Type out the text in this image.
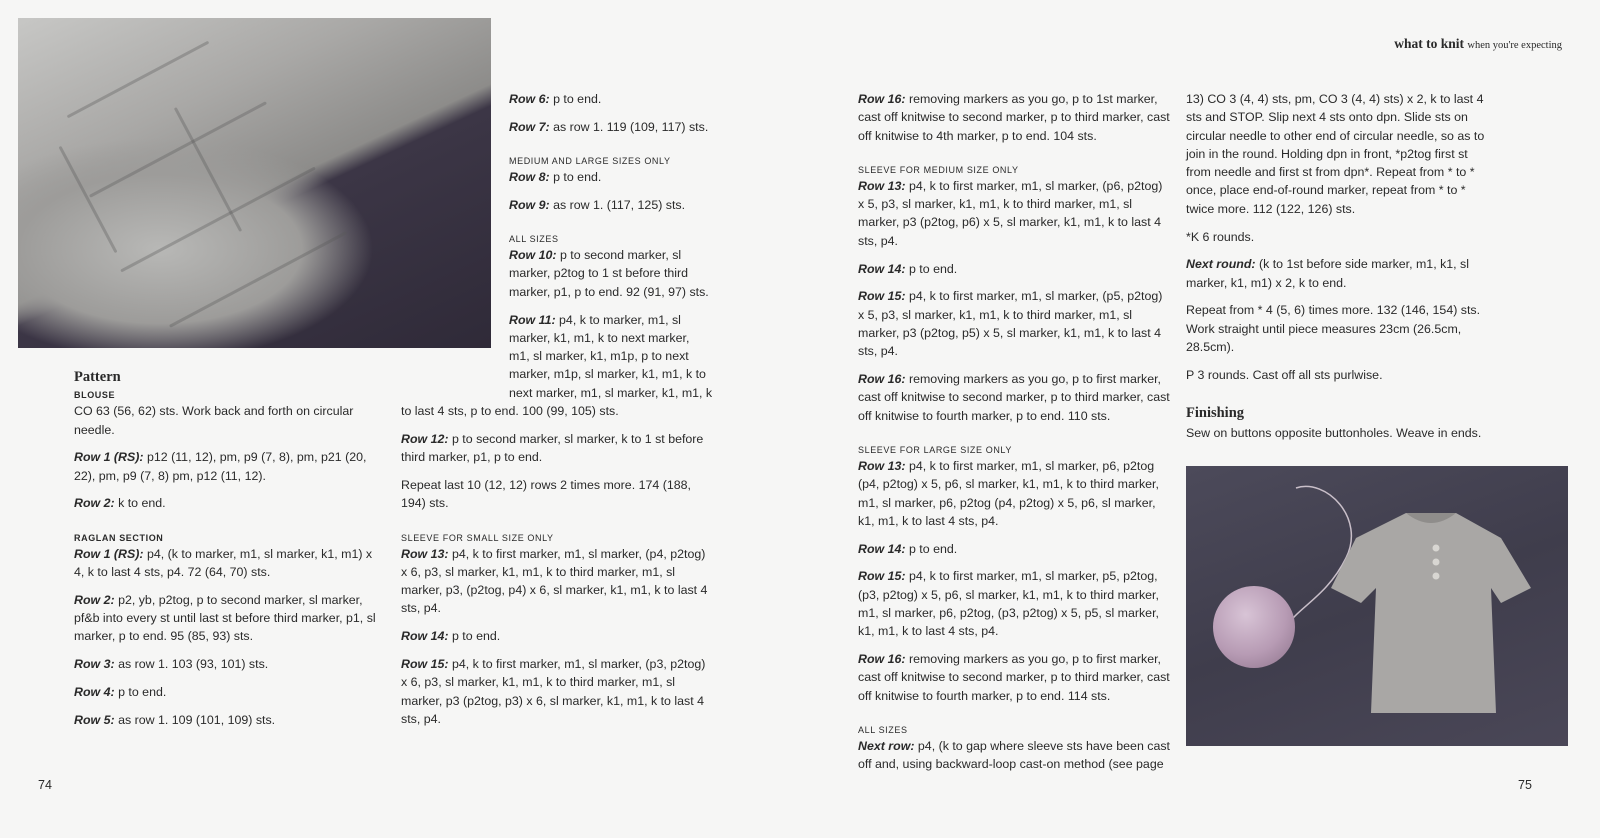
what to knit when you're expecting
Pattern
BLOUSE

CO 63 (56, 62) sts. Work back and forth on circular needle.

Row 1 (RS): p12 (11, 12), pm, p9 (7, 8), pm, p21 (20, 22), pm, p9 (7, 8) pm, p12 (11, 12).

Row 2: k to end.

RAGLAN SECTION

Row 1 (RS): p4, (k to marker, m1, sl marker, k1, m1) x 4, k to last 4 sts, p4. 72 (64, 70) sts.

Row 2: p2, yb, p2tog, p to second marker, sl marker, pf&b into every st until last st before third marker, p1, sl marker, p to end. 95 (85, 93) sts.

Row 3: as row 1. 103 (93, 101) sts.

Row 4: p to end.

Row 5: as row 1. 109 (101, 109) sts.

Row 6: p to end.

Row 7: as row 1. 119 (109, 117) sts.

MEDIUM AND LARGE SIZES ONLY

Row 8: p to end.

Row 9: as row 1. (117, 125) sts.

ALL SIZES

Row 10: p to second marker, sl marker, p2tog to 1 st before third marker, p1, p to end. 92 (91, 97) sts.

Row 11: p4, k to marker, m1, sl marker, k1, m1, k to next marker, m1, sl marker, k1, m1p, p to next marker, m1p, sl marker, k1, m1, k to next marker, m1, sl marker, k1, m1, k to last 4 sts, p to end. 100 (99, 105) sts.

Row 12: p to second marker, sl marker, k to 1 st before third marker, p1, p to end.

Repeat last 10 (12, 12) rows 2 times more. 174 (188, 194) sts.

SLEEVE FOR SMALL SIZE ONLY

Row 13: p4, k to first marker, m1, sl marker, (p4, p2tog) x 6, p3, sl marker, k1, m1, k to third marker, m1, sl marker, p3, (p2tog, p4) x 6, sl marker, k1, m1, k to last 4 sts, p4.

Row 14: p to end.

Row 15: p4, k to first marker, m1, sl marker, (p3, p2tog) x 6, p3, sl marker, k1, m1, k to third marker, m1, sl marker, p3 (p2tog, p3) x 6, sl marker, k1, m1, k to last 4 sts, p4.

Row 16: removing markers as you go, p to 1st marker, cast off knitwise to second marker, p to third marker, cast off knitwise to 4th marker, p to end. 104 sts.

SLEEVE FOR MEDIUM SIZE ONLY

Row 13: p4, k to first marker, m1, sl marker, (p6, p2tog) x 5, p3, sl marker, k1, m1, k to third marker, m1, sl marker, p3 (p2tog, p6) x 5, sl marker, k1, m1, k to last 4 sts, p4.

Row 14: p to end.

Row 15: p4, k to first marker, m1, sl marker, (p5, p2tog) x 5, p3, sl marker, k1, m1, k to third marker, m1, sl marker, p3 (p2tog, p5) x 5, sl marker, k1, m1, k to last 4 sts, p4.

Row 16: removing markers as you go, p to first marker, cast off knitwise to second marker, p to third marker, cast off knitwise to fourth marker, p to end. 110 sts.

SLEEVE FOR LARGE SIZE ONLY

Row 13: p4, k to first marker, m1, sl marker, p6, p2tog (p4, p2tog) x 5, p6, sl marker, k1, m1, k to third marker, m1, sl marker, p6, p2tog (p4, p2tog) x 5, p6, sl marker, k1, m1, k to last 4 sts, p4.

Row 14: p to end.

Row 15: p4, k to first marker, m1, sl marker, p5, p2tog, (p3, p2tog) x 5, p6, sl marker, k1, m1, k to third marker, m1, sl marker, p6, p2tog, (p3, p2tog) x 5, p5, sl marker, k1, m1, k to last 4 sts, p4.

Row 16: removing markers as you go, p to first marker, cast off knitwise to second marker, p to third marker, cast off knitwise to fourth marker, p to end. 114 sts.

ALL SIZES

Next row: p4, (k to gap where sleeve sts have been cast off and, using backward-loop cast-on method (see page

13) CO 3 (4, 4) sts, pm, CO 3 (4, 4) sts) x 2, k to last 4 sts and STOP. Slip next 4 sts onto dpn. Slide sts on circular needle to other end of circular needle, so as to join in the round. Holding dpn in front, *p2tog first st from needle and first st from dpn*. Repeat from * to * once, place end-of-round marker, repeat from * to * twice more. 112 (122, 126) sts.

*K 6 rounds.

Next round: (k to 1st before side marker, m1, k1, sl marker, k1, m1) x 2, k to end.

Repeat from * 4 (5, 6) times more. 132 (146, 154) sts. Work straight until piece measures 23cm (26.5cm, 28.5cm).

P 3 rounds. Cast off all sts purlwise.

Finishing

Sew on buttons opposite buttonholes. Weave in ends.

74	75
